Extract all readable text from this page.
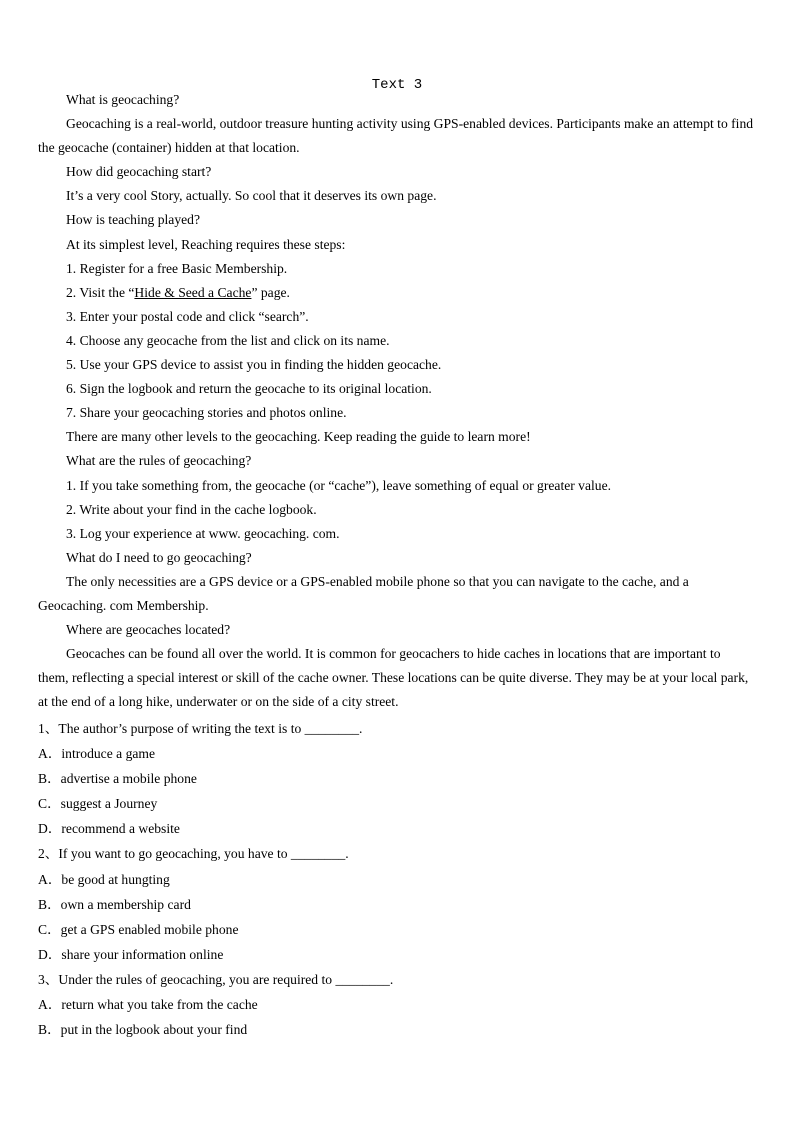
Text 3

What is geocaching?

Geocaching is a real-world, outdoor treasure hunting activity using GPS-enabled devices. Participants make an attempt to find the geocache (container) hidden at that location.

How did geocaching start?

It’s a very cool Story, actually. So cool that it deserves its own page.

How is teaching played?

At its simplest level, Reaching requires these steps:

1. Register for a free Basic Membership.

2. Visit the “Hide & Seed a Cache” page.

3. Enter your postal code and click “search”.

4. Choose any geocache from the list and click on its name.

5. Use your GPS device to assist you in finding the hidden geocache.

6. Sign the logbook and return the geocache to its original location.

7. Share your geocaching stories and photos online.

There are many other levels to the geocaching. Keep reading the guide to learn more!

What are the rules of geocaching?

1. If you take something from, the geocache (or “cache”), leave something of equal or greater value.

2. Write about your find in the cache logbook.

3. Log your experience at www. geocaching. com.

What do I need to go geocaching?

The only necessities are a GPS device or a GPS-enabled mobile phone so that you can navigate to the cache, and a Geocaching. com Membership.

Where are geocaches located?

Geocaches can be found all over the world. It is common for geocachers to hide caches in locations that are important to them, reflecting a special interest or skill of the cache owner. These locations can be quite diverse. They may be at your local park, at the end of a long hike, underwater or on the side of a city street.

1、The author’s purpose of writing the text is to ________.

A．introduce a game

B．advertise a mobile phone

C．suggest a Journey

D．recommend a website

2、If you want to go geocaching, you have to ________.

A．be good at hungting

B．own a membership card

C．get a GPS enabled mobile phone

D．share your information online

3、Under the rules of geocaching, you are required to ________.

A．return what you take from the cache

B．put in the logbook about your find
